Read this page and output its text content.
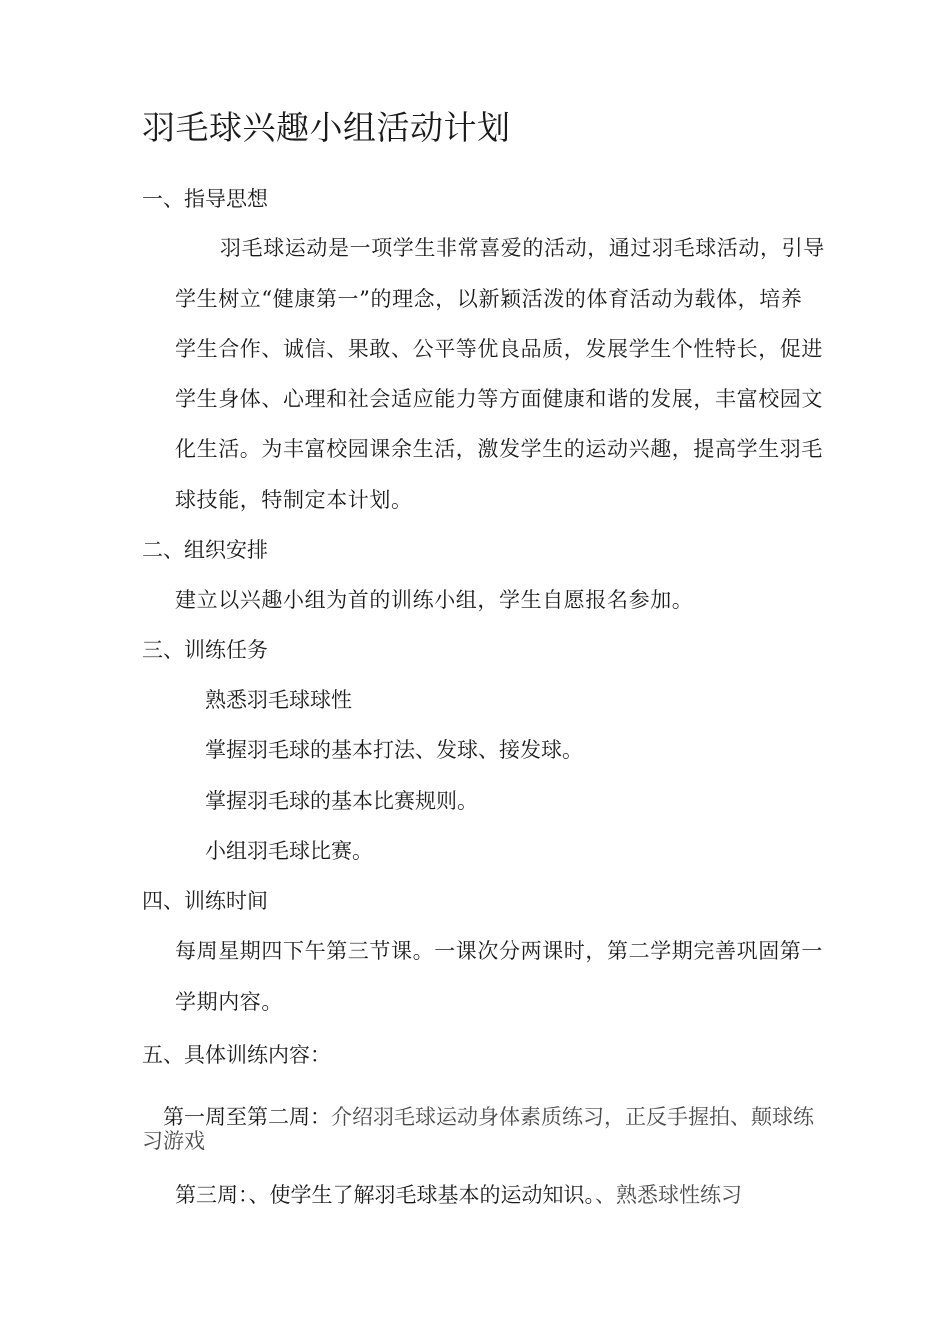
羽毛球兴趣小组活动计划
一、指导思想
羽毛球运动是一项学生非常喜爱的活动，通过羽毛球活动，引导
学生树立“健康第一”的理念，以新颖活泼的体育活动为载体，培养
学生合作、诚信、果敢、公平等优良品质，发展学生个性特长，促进
学生身体、心理和社会适应能力等方面健康和谐的发展，丰富校园文
化生活。为丰富校园课余生活，激发学生的运动兴趣，提高学生羽毛
球技能，特制定本计划。
二、组织安排
建立以兴趣小组为首的训练小组，学生自愿报名参加。
三、训练任务
熟悉羽毛球球性
掌握羽毛球的基本打法、发球、接发球。
掌握羽毛球的基本比赛规则。
小组羽毛球比赛。
四、训练时间
每周星期四下午第三节课。一课次分两课时，第二学期完善巩固第一
学期内容。
五、具体训练内容：
第一周至第二周：介绍羽毛球运动身体素质练习，正反手握拍、颠球练
习游戏
第三周：、使学生了解羽毛球基本的运动知识。、熟悉球性练习
